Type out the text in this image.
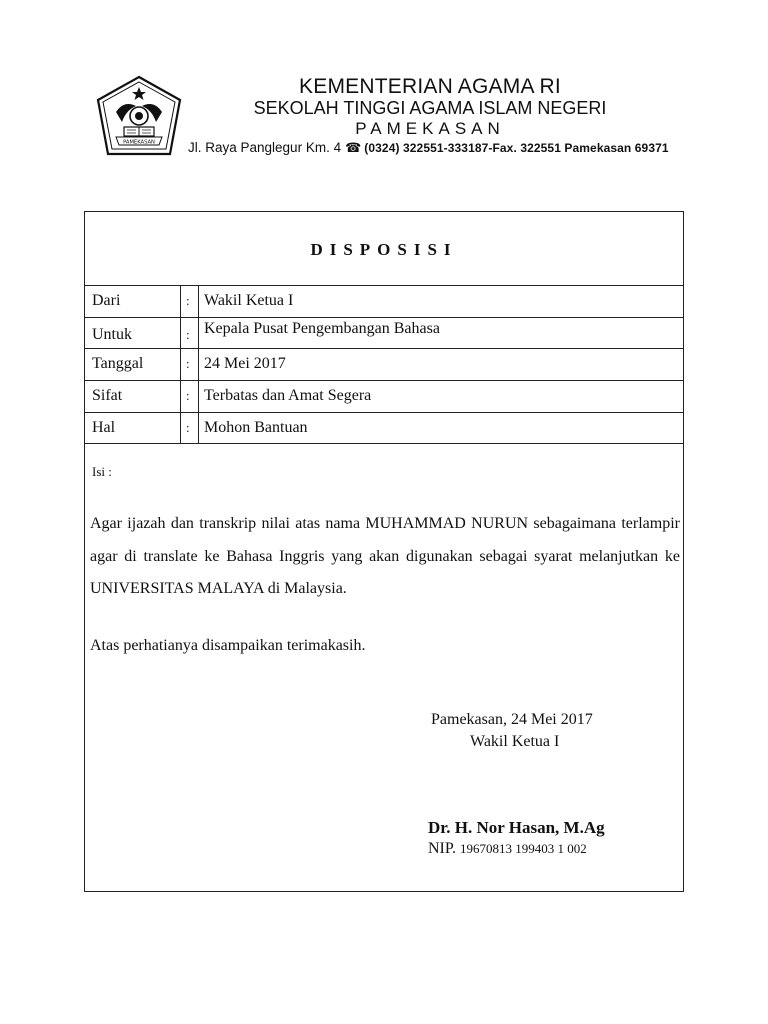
PAMEKASAN
KEMENTERIAN AGAMA RI
SEKOLAH TINGGI AGAMA ISLAM NEGERI
PAMEKASAN
Jl. Raya Panglegur Km. 4 ☎ (0324) 322551-333187-Fax. 322551 Pamekasan 69371
DISPOSISI
Dari	: Wakil Ketua I
Untuk	: Kepala Pusat Pengembangan Bahasa
Tanggal	: 24 Mei 2017
Sifat	: Terbatas dan Amat Segera
Hal	: Mohon Bantuan
Isi :
Agar ijazah dan transkrip nilai atas nama MUHAMMAD NURUN sebagaimana terlampir agar di translate ke Bahasa Inggris yang akan digunakan sebagai syarat melanjutkan ke UNIVERSITAS MALAYA di Malaysia.
Atas perhatianya disampaikan terimakasih.
Pamekasan, 24 Mei 2017
Wakil Ketua I
Dr. H. Nor Hasan, M.Ag
NIP. 19670813 199403 1 002
